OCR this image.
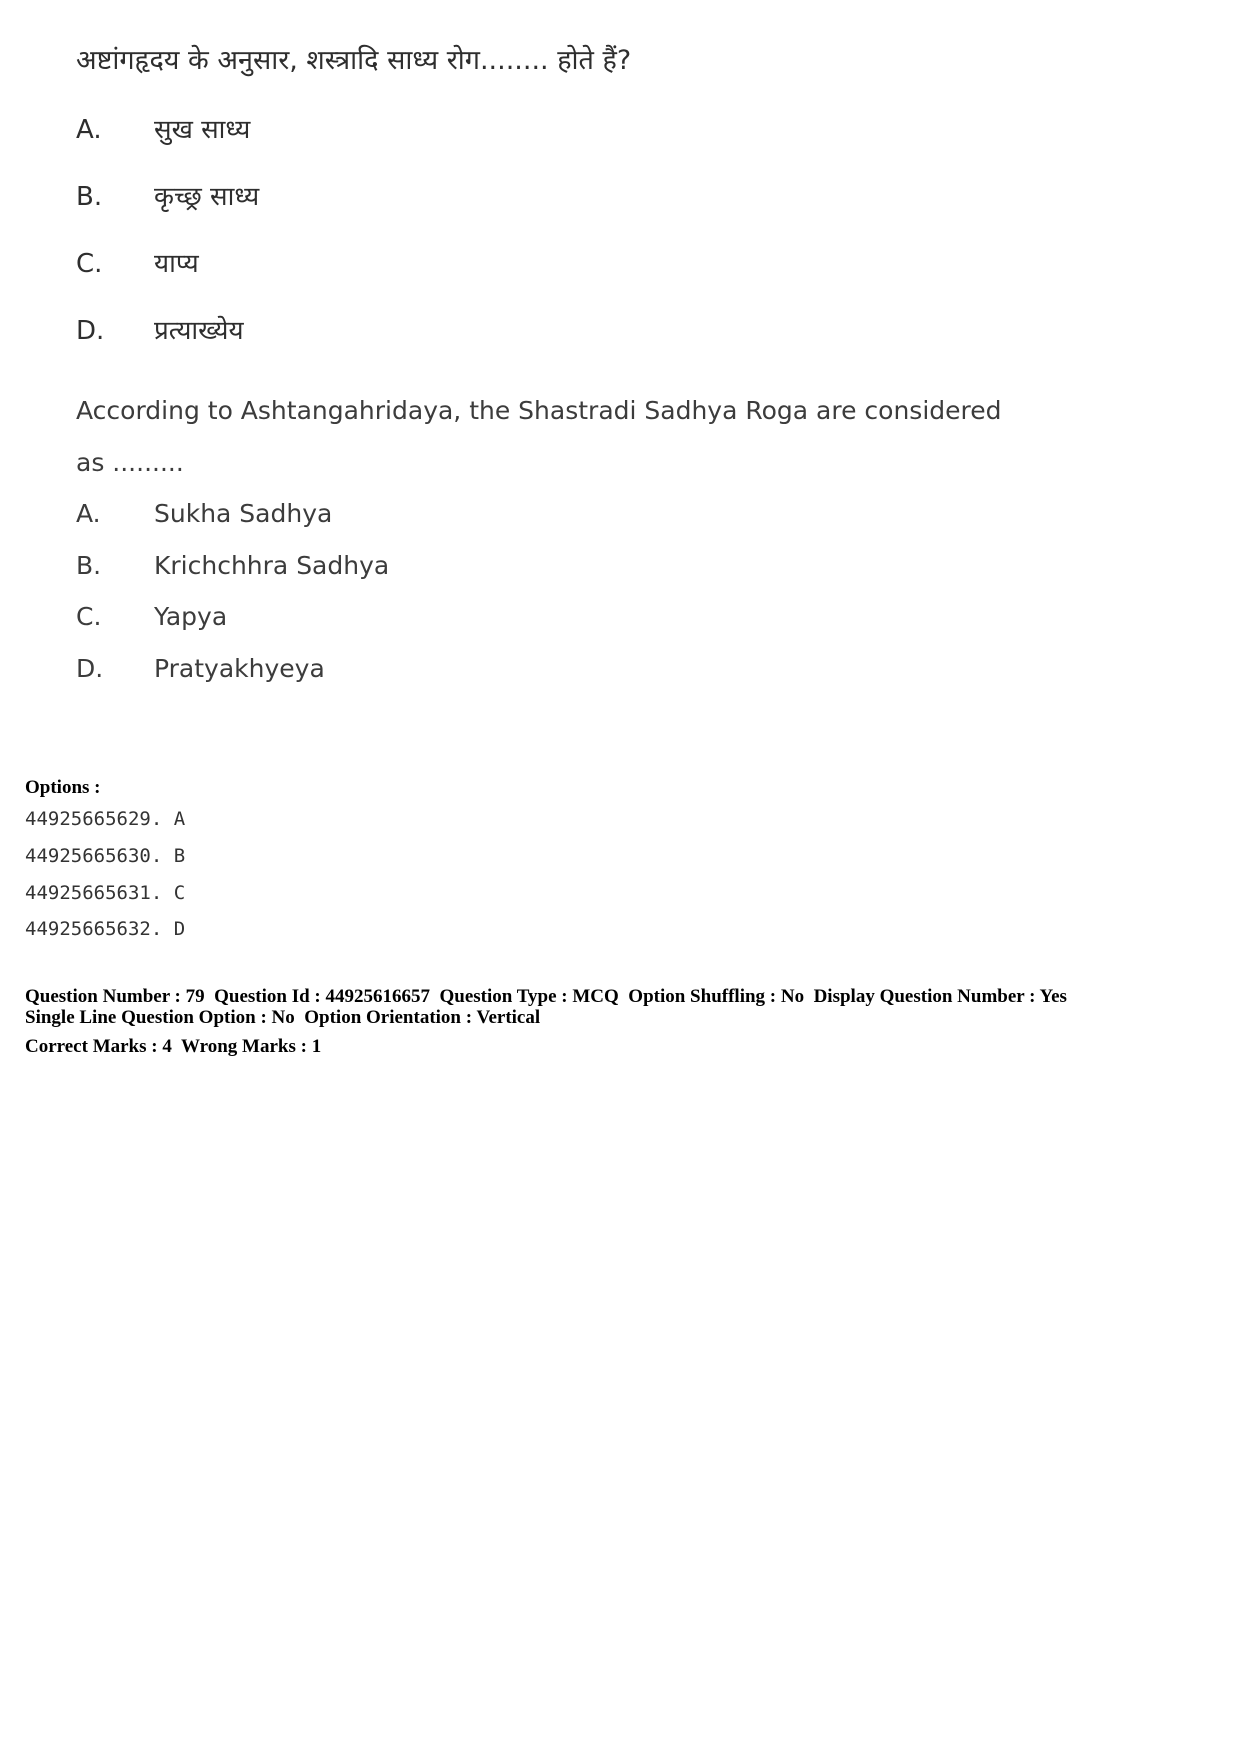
अष्टांगहृदय के अनुसार, शस्त्रादि साध्य रोग........ होते हैं?
A. सुख साध्य
B. कृच्छ्र साध्य
C. याप्य
D. प्रत्याख्येय
According to Ashtangahridaya, the Shastradi Sadhya Roga are considered
as .........
A. Sukha Sadhya
B. Krichchhra Sadhya
C. Yapya
D. Pratyakhyeya
Options :
44925665629. A
44925665630. B
44925665631. C
44925665632. D
Question Number : 79  Question Id : 44925616657  Question Type : MCQ  Option Shuffling : No  Display Question Number : Yes
Single Line Question Option : No  Option Orientation : Vertical
Correct Marks : 4  Wrong Marks : 1
